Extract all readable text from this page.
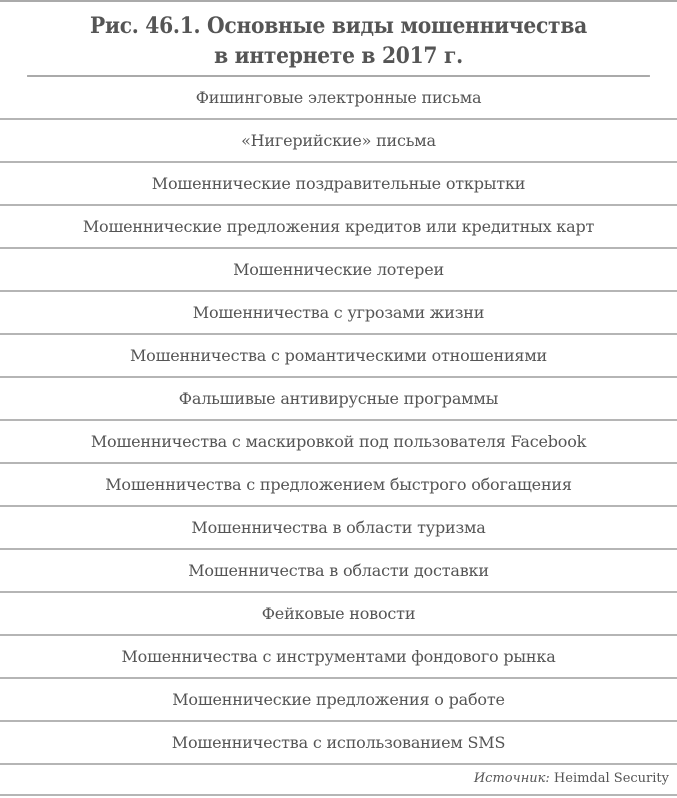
Рис. 46.1. Основные виды мошенничества
в интернете в 2017 г.
Фишинговые электронные письма
«Нигерийские» письма
Мошеннические поздравительные открытки
Мошеннические предложения кредитов или кредитных карт
Мошеннические лотереи
Мошенничества с угрозами жизни
Мошенничества с романтическими отношениями
Фальшивые антивирусные программы
Мошенничества с маскировкой под пользователя Facebook
Мошенничества с предложением быстрого обогащения
Мошенничества в области туризма
Мошенничества в области доставки
Фейковые новости
Мошенничества с инструментами фондового рынка
Мошеннические предложения о работе
Мошенничества с использованием SMS
Источник: Heimdal Security
